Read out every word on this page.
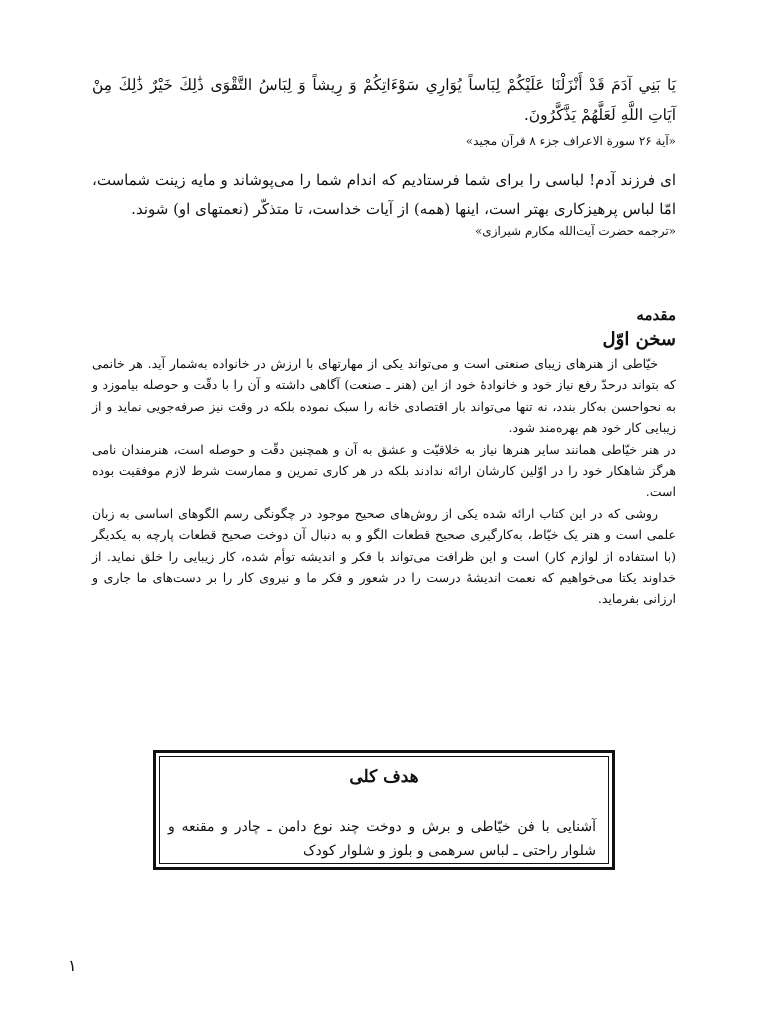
يَا بَنِي آدَمَ قَدْ أَنْزَلْنَا عَلَيْكُمْ لِبَاساً يُوَارِي سَوْءَاتِكُمْ وَ رِيشاً وَ لِبَاسُ التَّقْوَى ذَٰلِكَ خَيْرٌ ذَٰلِكَ مِنْ آيَاتِ اللَّهِ لَعَلَّهُمْ يَذَّكَّرُونَ.
«آية ۲۶ سورة الاعراف جزء ۸ قرآن مجيد»
ای فرزند آدم! لباسی را برای شما فرستادیم که اندام شما را می‌پوشاند و مایه زینت شماست، امّا لباس پرهیزکاری بهتر است، اینها (همه) از آیات خداست، تا متذکّر (نعمتهای او) شوند.
«ترجمه حضرت آیت‌الله مکارم شیرازی»
مقدمه
سخن اوّل

خیّاطی از هنرهای زیبای صنعتی است و می‌تواند یکی از مهارتهای با ارزش در خانواده به‌شمار آید. هر خانمی که بتواند درحدّ رفع نیاز خود و خانوادهٔ خود از این (هنر ـ صنعت) آگاهی داشته و آن را با دقّت و حوصله بیاموزد و به نحواحسن به‌کار بندد، نه تنها می‌تواند بار اقتصادی خانه را سبک نموده بلکه در وقت نیز صرفه‌جویی نماید و از زیبایی کار خود هم بهره‌مند شود.

در هنر خیّاطی همانند سایر هنرها نیاز به خلاقیّت و عشق به آن و همچنین دقّت و حوصله است، هنرمندان نامی هرگز شاهکار خود را در اوّلین کارشان ارائه ندادند بلکه در هر کاری تمرین و ممارست شرط لازم موفقیت بوده است.

روشی که در این کتاب ارائه شده یکی از روش‌های صحیح موجود در چگونگی رسم الگوهای اساسی به زبان علمی است و هنر یک خیّاط، به‌کارگیری صحیح قطعات الگو و به دنبال آن دوخت صحیح قطعات پارچه به یکدیگر (با استفاده از لوازم کار) است و این ظرافت می‌تواند با فکر و اندیشه توأم شده، کار زیبایی را خلق نماید. از خداوند یکتا می‌خواهیم که نعمت اندیشهٔ درست را در شعور و فکر ما و نیروی کار را بر دست‌های ما جاری و ارزانی بفرماید.

هدف کلی
آشنایی با فن خیّاطی و برش و دوخت چند نوع دامن ـ چادر و مقنعه و شلوار راحتی ـ لباس سرهمی و بلوز و شلوار کودک
۱
